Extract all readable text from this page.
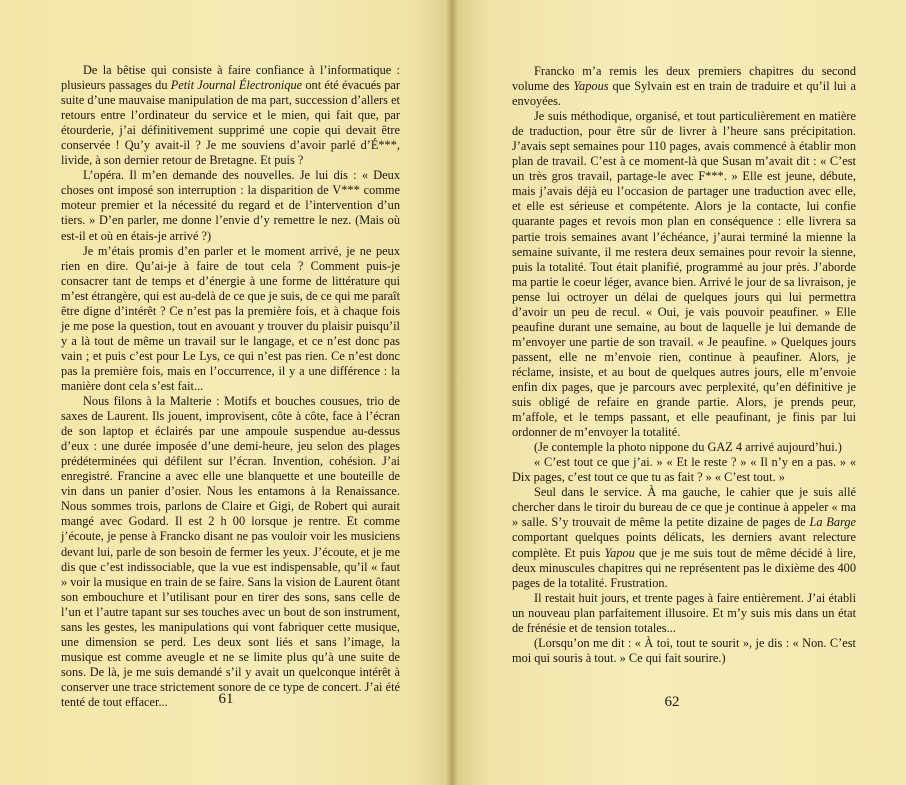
De la bêtise qui consiste à faire confiance à l’informatique : plusieurs passages du Petit Journal Électronique ont été évacués par suite d’une mauvaise manipulation de ma part, succession d’allers et retours entre l’ordinateur du service et le mien, qui fait que, par étourderie, j’ai définitivement supprimé une copie qui devait être conservée ! Qu’y avait-il ? Je me souviens d’avoir parlé d’É***, livide, à son dernier retour de Bretagne. Et puis ?

L’opéra. Il m’en demande des nouvelles. Je lui dis : « Deux choses ont imposé son interruption : la disparition de V*** comme moteur premier et la nécessité du regard et de l’intervention d’un tiers. » D’en parler, me donne l’envie d’y remettre le nez. (Mais où est-il et où en étais-je arrivé ?)

Je m’étais promis d’en parler et le moment arrivé, je ne peux rien en dire. Qu’ai-je à faire de tout cela ? Comment puis-je consacrer tant de temps et d’énergie à une forme de littérature qui m’est étrangère, qui est au-delà de ce que je suis, de ce qui me paraît être digne d’intérêt ? Ce n’est pas la première fois, et à chaque fois je me pose la question, tout en avouant y trouver du plaisir puisqu’il y a là tout de même un travail sur le langage, et ce n’est donc pas vain ; et puis c’est pour Le Lys, ce qui n’est pas rien. Ce n’est donc pas la première fois, mais en l’occurrence, il y a une différence : la manière dont cela s’est fait...

Nous filons à la Malterie : Motifs et bouches cousues, trio de saxes de Laurent. Ils jouent, improvisent, côte à côte, face à l’écran de son laptop et éclairés par une ampoule suspendue au-dessus d’eux : une durée imposée d’une demi-heure, jeu selon des plages prédéterminées qui défilent sur l’écran. Invention, cohésion. J’ai enregistré. Francine a avec elle une blanquette et une bouteille de vin dans un panier d’osier. Nous les entamons à la Renaissance. Nous sommes trois, parlons de Claire et Gigi, de Robert qui aurait mangé avec Godard. Il est 2 h 00 lorsque je rentre. Et comme j’écoute, je pense à Francko disant ne pas vouloir voir les musiciens devant lui, parle de son besoin de fermer les yeux. J’écoute, et je me dis que c’est indissociable, que la vue est indispensable, qu’il « faut » voir la musique en train de se faire. Sans la vision de Laurent ôtant son embouchure et l’utilisant pour en tirer des sons, sans celle de l’un et l’autre tapant sur ses touches avec un bout de son instrument, sans les gestes, les manipulations qui vont fabriquer cette musique, une dimension se perd. Les deux sont liés et sans l’image, la musique est comme aveugle et ne se limite plus qu’à une suite de sons. De là, je me suis demandé s’il y avait un quelconque intérêt à conserver une trace strictement sonore de ce type de concert. J’ai été tenté de tout effacer...	61

Francko m’a remis les deux premiers chapitres du second volume des Yapous que Sylvain est en train de traduire et qu’il lui a envoyées.

Je suis méthodique, organisé, et tout particulièrement en matière de traduction, pour être sûr de livrer à l’heure sans précipitation. J’avais sept semaines pour 110 pages, avais commencé à établir mon plan de travail. C’est à ce moment-là que Susan m’avait dit : « C’est un très gros travail, partage-le avec F***. » Elle est jeune, débute, mais j’avais déjà eu l’occasion de partager une traduction avec elle, et elle est sérieuse et compétente. Alors je la contacte, lui confie quarante pages et revois mon plan en conséquence : elle livrera sa partie trois semaines avant l’échéance, j’aurai terminé la mienne la semaine suivante, il me restera deux semaines pour revoir la sienne, puis la totalité. Tout était planifié, programmé au jour près. J’aborde ma partie le coeur léger, avance bien. Arrivé le jour de sa livraison, je pense lui octroyer un délai de quelques jours qui lui permettra d’avoir un peu de recul. « Oui, je vais pouvoir peaufiner. » Elle peaufine durant une semaine, au bout de laquelle je lui demande de m’envoyer une partie de son travail. « Je peaufine. » Quelques jours passent, elle ne m’envoie rien, continue à peaufiner. Alors, je réclame, insiste, et au bout de quelques autres jours, elle m’envoie enfin dix pages, que je parcours avec perplexité, qu’en définitive je suis obligé de refaire en grande partie. Alors, je prends peur, m’affole, et le temps passant, et elle peaufinant, je finis par lui ordonner de m’envoyer la totalité.

(Je contemple la photo nippone du GAZ 4 arrivé aujourd’hui.)

« C’est tout ce que j’ai. » « Et le reste ? » « Il n’y en a pas. » « Dix pages, c’est tout ce que tu as fait ? » « C’est tout. »

Seul dans le service. À ma gauche, le cahier que je suis allé chercher dans le tiroir du bureau de ce que je continue à appeler « ma » salle. S’y trouvait de même la petite dizaine de pages de La Barge comportant quelques points délicats, les derniers avant relecture complète. Et puis Yapou que je me suis tout de même décidé à lire, deux minuscules chapitres qui ne représentent pas le dixième des 400 pages de la totalité. Frustration.

Il restait huit jours, et trente pages à faire entièrement. J’ai établi un nouveau plan parfaitement illusoire. Et m’y suis mis dans un état de frénésie et de tension totales...

(Lorsqu’on me dit : « À toi, tout te sourit », je dis : « Non. C’est moi qui souris à tout. » Ce qui fait sourire.)

62
